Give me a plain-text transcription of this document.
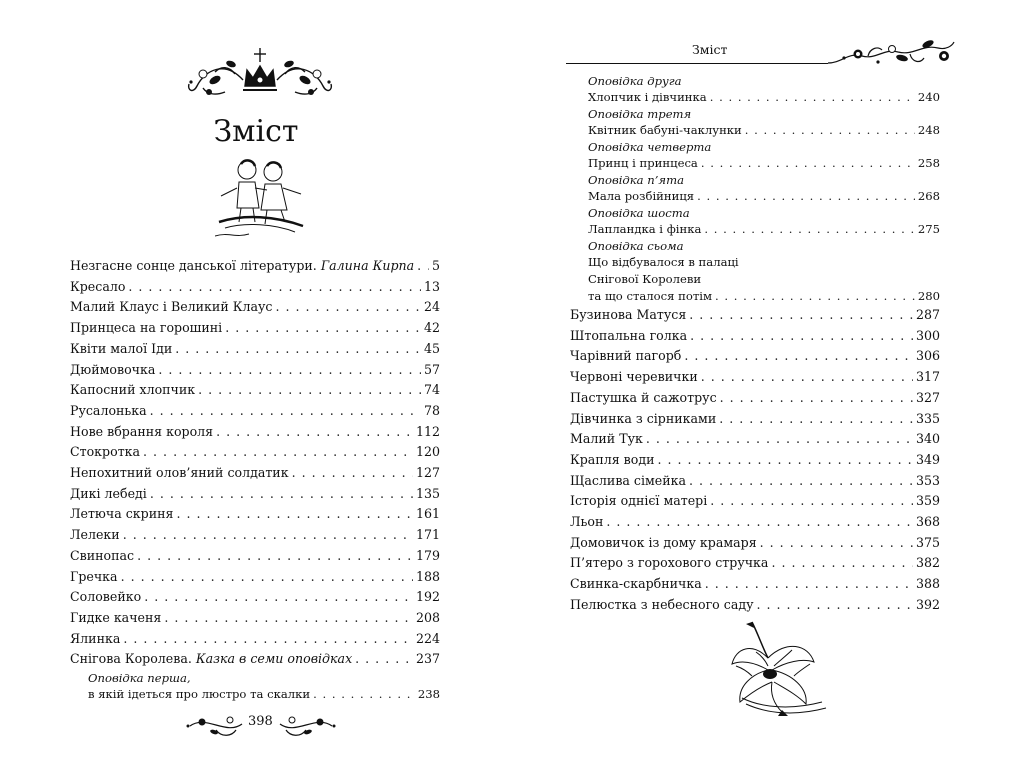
Зміст
Незгасне сонце данської літератури. Галина Кирпа . . . 5
Кресало . . .	13
Малий Клаус і Великий Клаус . . .	24
Принцеса на горошині . . .	42
Квіти малої Іди . . .	45
Дюймовочка . . .	57
Капосний хлопчик . . .	74
Русалонька . . .	78
Нове вбрання короля . . .	112
Стокротка . . .	120
Непохитний олов’яний солдатик . . .	127
Дикі лебеді . . .	135
Летюча скриня . . .	161
Лелеки . . .	171
Свинопас . . .	179
Гречка . . .	188
Соловейко . . .	192
Гидке каченя . . .	208
Ялинка . . .	224
Снігова Королева. Казка в семи оповідках . . .	237
Оповідка перша,
в якій ідеться про люстро та скалки . . .	238
398
Зміст
Оповідка друга
Хлопчик і дівчинка . . .	240
Оповідка третя
Квітник бабуні-чаклунки . . .	248
Оповідка четверта
Принц і принцеса . . .	258
Оповідка п’ята
Мала розбійниця . . .	268
Оповідка шоста
Лапландка і фінка . . .	275
Оповідка сьома
Що відбувалося в палаці
Снігової Королеви
та що сталося потім . . .	280
Бузинова Матуся . . .	287
Штопальна голка . . .	300
Чарівний пагорб . . .	306
Червоні черевички . . .	317
Пастушка й сажотрус . . .	327
Дівчинка з сірниками . . .	335
Малий Тук . . .	340
Крапля води . . .	349
Щаслива сімейка . . .	353
Історія однієї матері . . .	359
Льон . . .	368
Домовичок із дому крамаря . . .	375
П’ятеро з горохового стручка . . .	382
Свинка-скарбничка . . .	388
Пелюстка з небесного саду . . .	392
